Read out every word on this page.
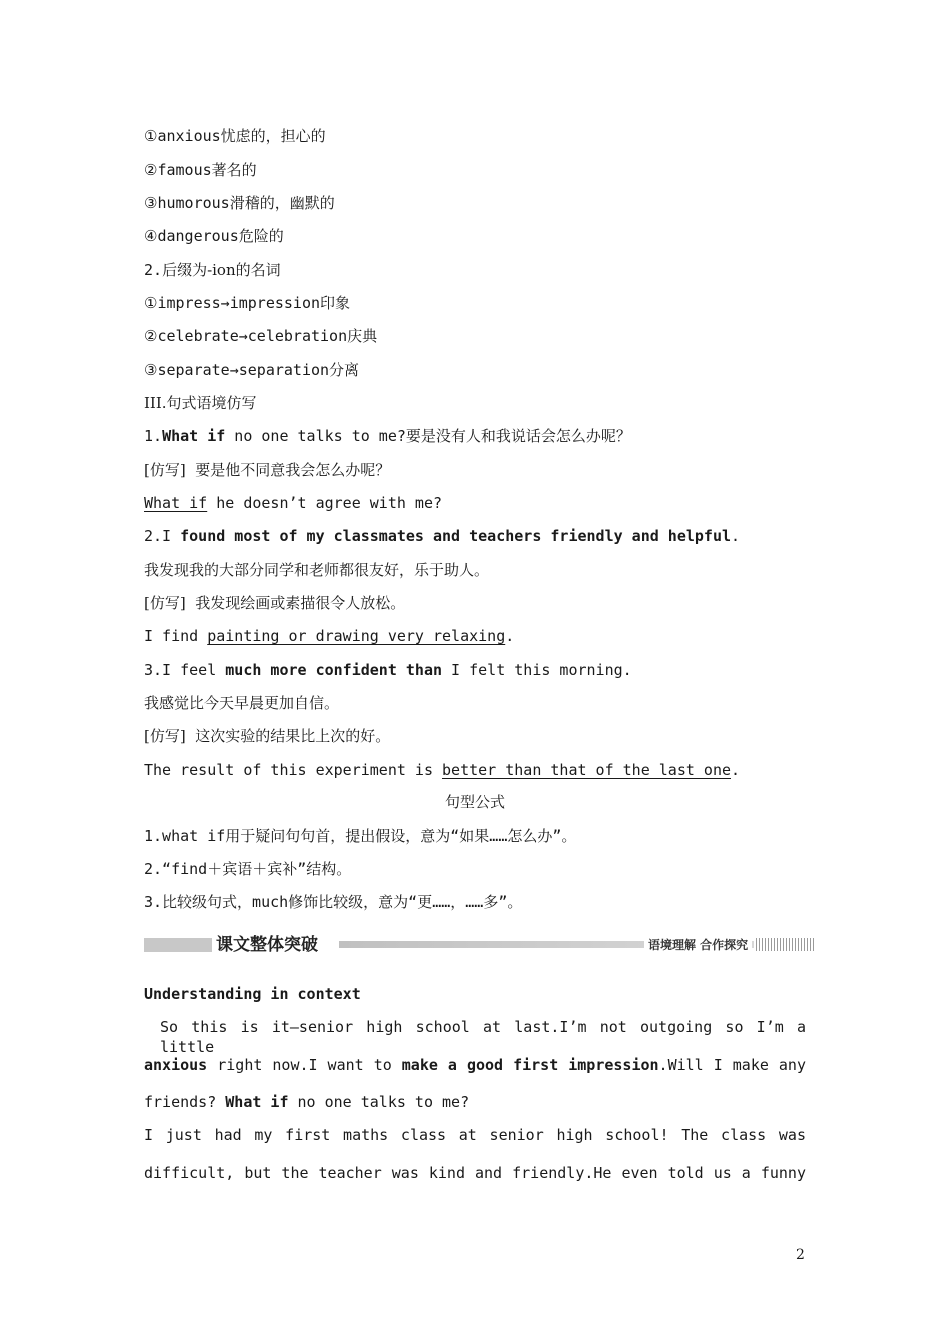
①anxious忧虑的，担心的
②famous著名的
③humorous滑稽的，幽默的
④dangerous危险的
2.后缀为-ion的名词
①impress→impression印象
②celebrate→celebration庆典
③separate→separation分离
III.句式语境仿写
1.What if no one talks to me?要是没有人和我说话会怎么办呢？
[仿写] 要是他不同意我会怎么办呢？
What if he doesn’t agree with me?
2.I found most of my classmates and teachers friendly and helpful.
我发现我的大部分同学和老师都很友好，乐于助人。
[仿写] 我发现绘画或素描很令人放松。
I find painting or drawing very relaxing.
3.I feel much more confident than I felt this morning.
我感觉比今天早晨更加自信。
[仿写] 这次实验的结果比上次的好。
The result of this experiment is better than that of the last one.
句型公式
1.what if用于疑问句句首，提出假设，意为“如果……怎么办”。
2.“find＋宾语＋宾补”结构。
3.比较级句式，much修饰比较级，意为“更……，……多”。
课文整体突破	语境理解 合作探究
Understanding in context
So this is it—senior high school at last.I’m not outgoing so I’m a little
anxious right now.I want to make a good first impression.Will I make any
friends? What if no one talks to me?
I just had my first maths class at senior high school! The class was
difficult, but the teacher was kind and friendly.He even told us a funny
2
